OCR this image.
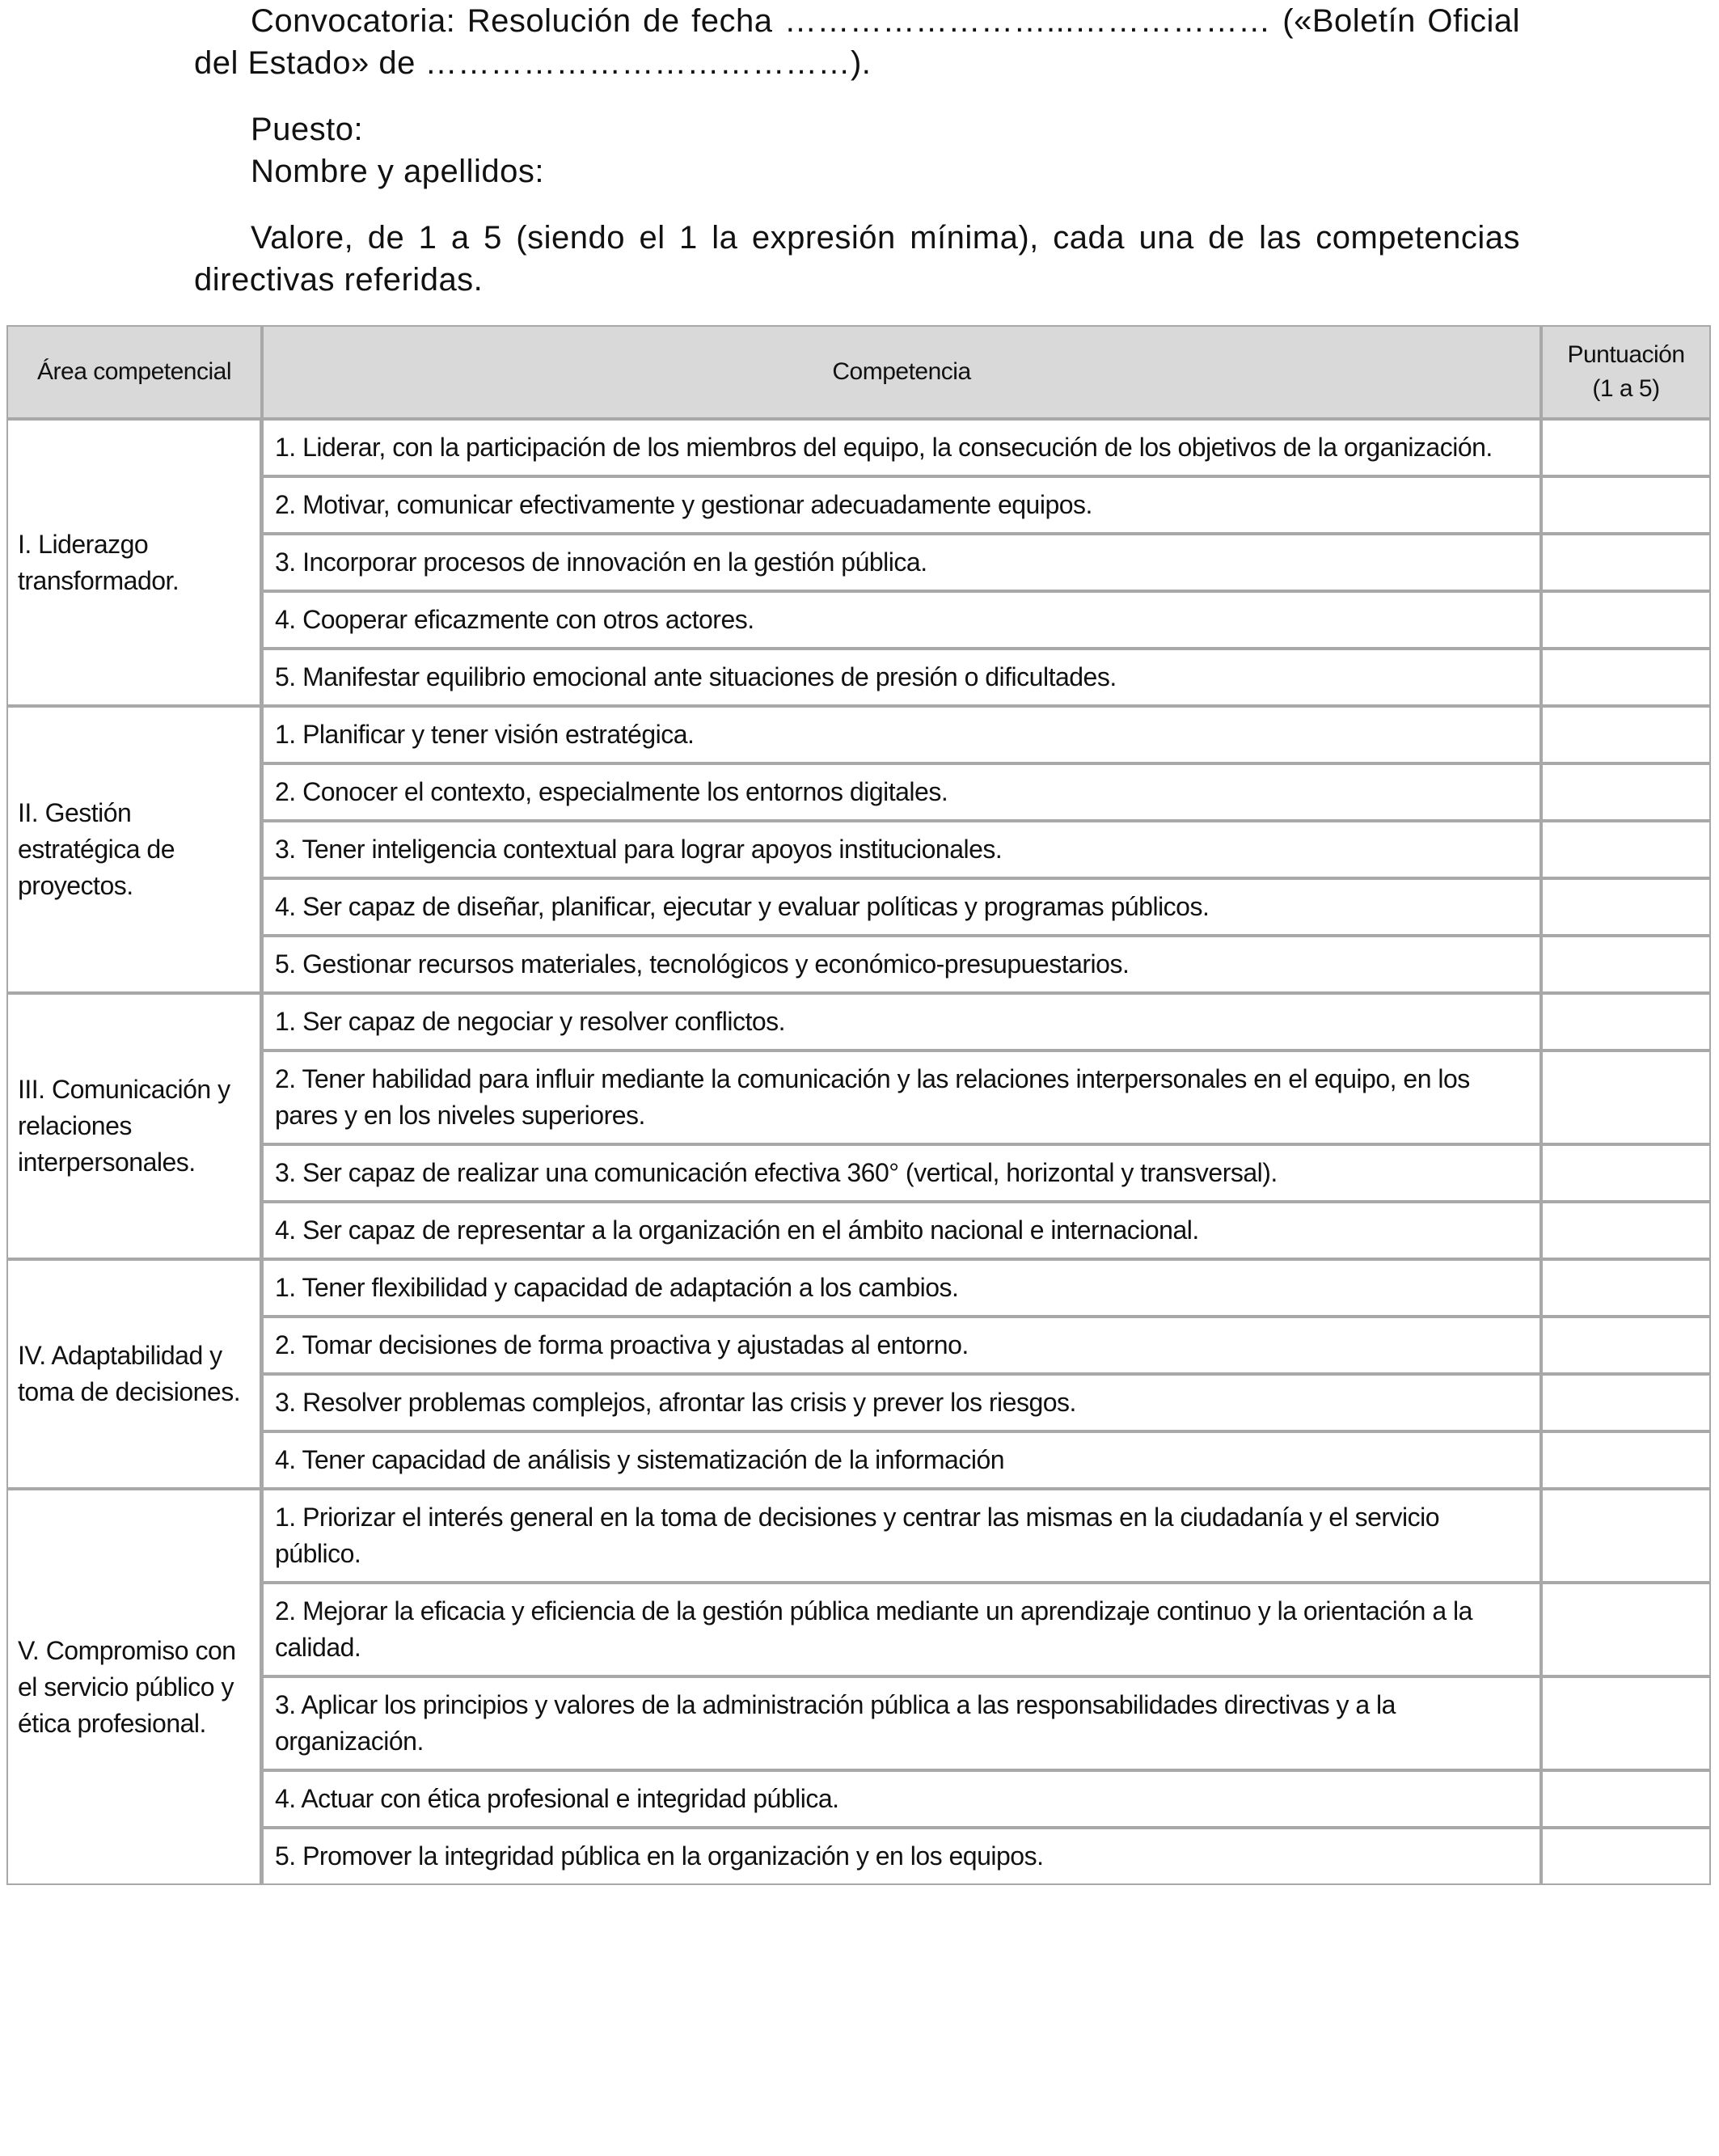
Convocatoria: Resolución de fecha ……………………...……………… («Boletín Oficial del Estado» de …………………………………).

Puesto:

Nombre y apellidos:

Valore, de 1 a 5 (siendo el 1 la expresión mínima), cada una de las competencias directivas referidas.

Área competencial	Competencia	Puntuación
(1 a 5)
I. Liderazgo transformador.	1. Liderar, con la participación de los miembros del equipo, la consecución de los objetivos de la organización.	
	2. Motivar, comunicar efectivamente y gestionar adecuadamente equipos.	
	3. Incorporar procesos de innovación en la gestión pública.	
	4. Cooperar eficazmente con otros actores.	
	5. Manifestar equilibrio emocional ante situaciones de presión o dificultades.	
II. Gestión estratégica de proyectos.	1. Planificar y tener visión estratégica.	
	2. Conocer el contexto, especialmente los entornos digitales.	
	3. Tener inteligencia contextual para lograr apoyos institucionales.	
	4. Ser capaz de diseñar, planificar, ejecutar y evaluar políticas y programas públicos.	
	5. Gestionar recursos materiales, tecnológicos y económico-presupuestarios.	
III. Comunicación y relaciones interpersonales.	1. Ser capaz de negociar y resolver conflictos.	
	2. Tener habilidad para influir mediante la comunicación y las relaciones interpersonales en el equipo, en los pares y en los niveles superiores.	
	3. Ser capaz de realizar una comunicación efectiva 360° (vertical, horizontal y transversal).	
	4. Ser capaz de representar a la organización en el ámbito nacional e internacional.	
IV. Adaptabilidad y toma de decisiones.	1. Tener flexibilidad y capacidad de adaptación a los cambios.	
	2. Tomar decisiones de forma proactiva y ajustadas al entorno.	
	3. Resolver problemas complejos, afrontar las crisis y prever los riesgos.	
	4. Tener capacidad de análisis y sistematización de la información	
V. Compromiso con el servicio público y ética profesional.	1. Priorizar el interés general en la toma de decisiones y centrar las mismas en la ciudadanía y el servicio público.	
	2. Mejorar la eficacia y eficiencia de la gestión pública mediante un aprendizaje continuo y la orientación a la calidad.	
	3. Aplicar los principios y valores de la administración pública a las responsabilidades directivas y a la organización.	
	4. Actuar con ética profesional e integridad pública.	
	5. Promover la integridad pública en la organización y en los equipos.	
